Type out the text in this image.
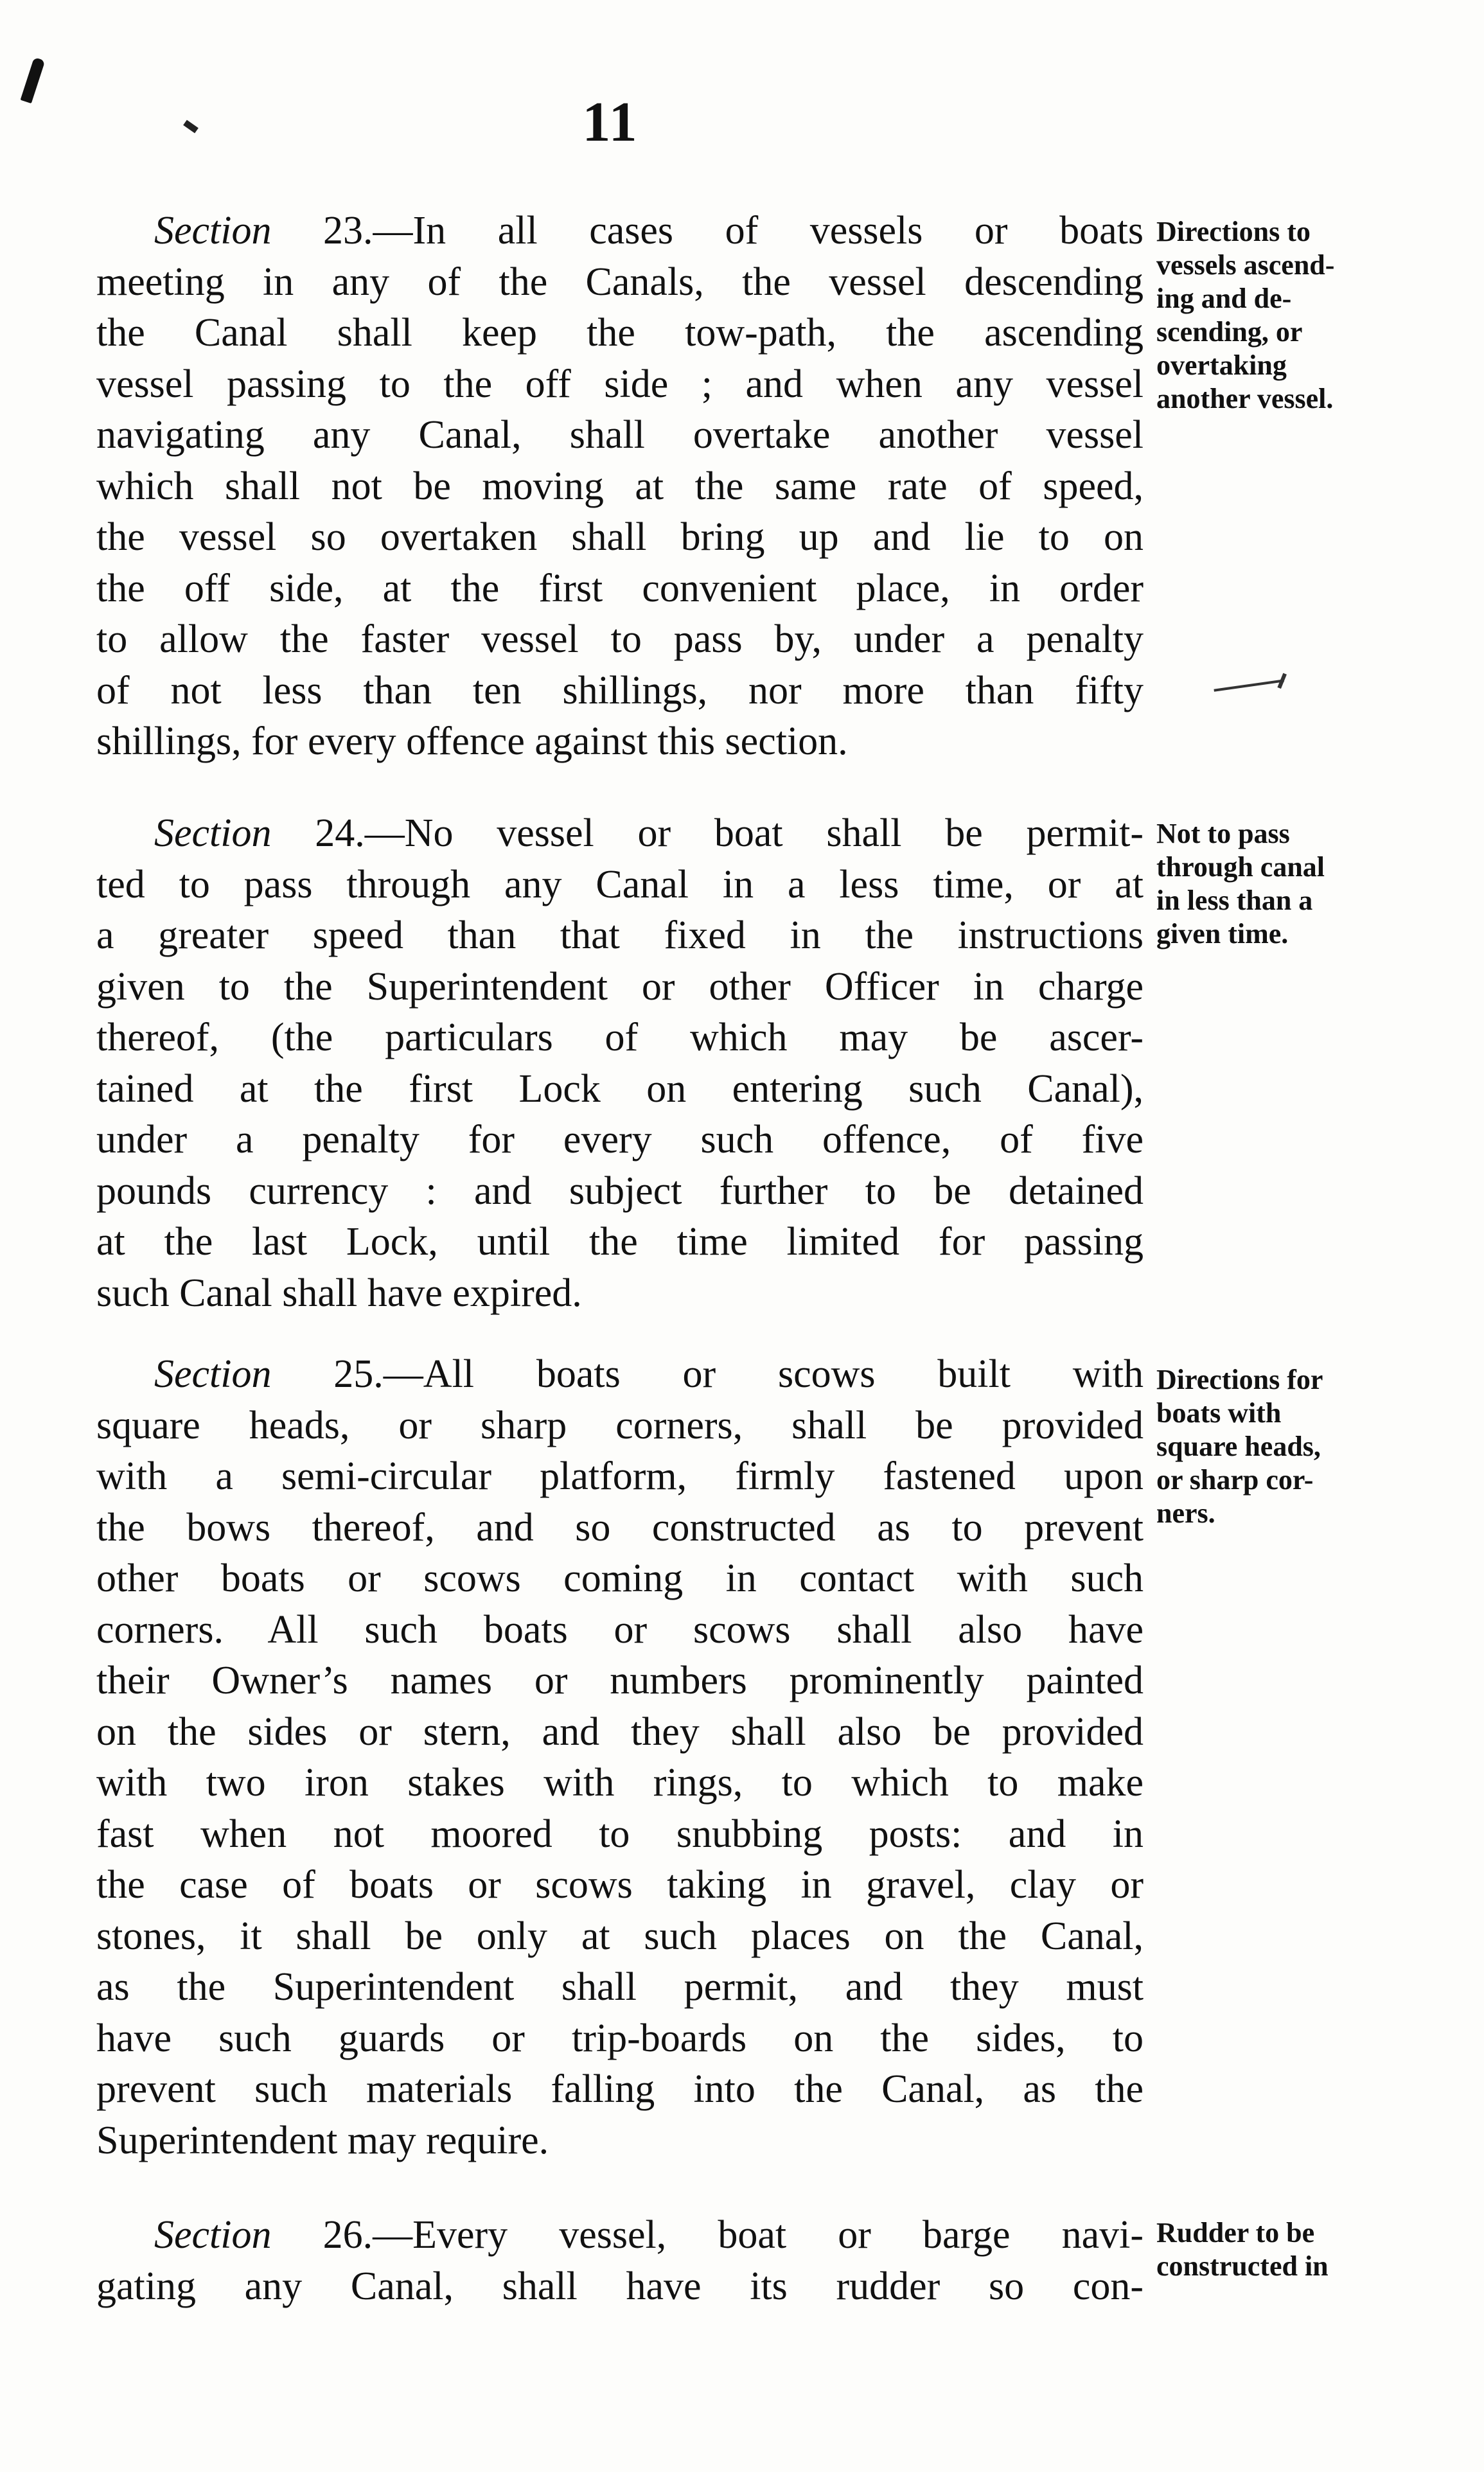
11
Section 23.—In all cases of vessels or boats
meeting in any of the Canals, the vessel descending
the Canal shall keep the tow-path, the ascending
vessel passing to the off side ; and when any vessel
navigating any Canal, shall overtake another vessel
which shall not be moving at the same rate of speed,
the vessel so overtaken shall bring up and lie to on
the off side, at the first convenient place, in order
to allow the faster vessel to pass by, under a penalty
of not less than ten shillings, nor more than fifty
shillings, for every offence against this section.
Directions to
vessels ascend-
ing and de-
scending, or
overtaking
another vessel.
Section 24.—No vessel or boat shall be permit-
ted to pass through any Canal in a less time, or at
a greater speed than that fixed in the instructions
given to the Superintendent or other Officer in charge
thereof, (the particulars of which may be ascer-
tained at the first Lock on entering such Canal),
under a penalty for every such offence, of five
pounds currency : and subject further to be detained
at the last Lock, until the time limited for passing
such Canal shall have expired.
Not to pass
through canal
in less than a
given time.
Section 25.—All boats or scows built with
square heads, or sharp corners, shall be provided
with a semi-circular platform, firmly fastened upon
the bows thereof, and so constructed as to prevent
other boats or scows coming in contact with such
corners. All such boats or scows shall also have
their Owner’s names or numbers prominently painted
on the sides or stern, and they shall also be provided
with two iron stakes with rings, to which to make
fast when not moored to snubbing posts: and in
the case of boats or scows taking in gravel, clay or
stones, it shall be only at such places on the Canal,
as the Superintendent shall permit, and they must
have such guards or trip-boards on the sides, to
prevent such materials falling into the Canal, as the
Superintendent may require.
Directions for
boats with
square heads,
or sharp cor-
ners.
Section 26.—Every vessel, boat or barge navi-
gating any Canal, shall have its rudder so con-
Rudder to be
constructed in
